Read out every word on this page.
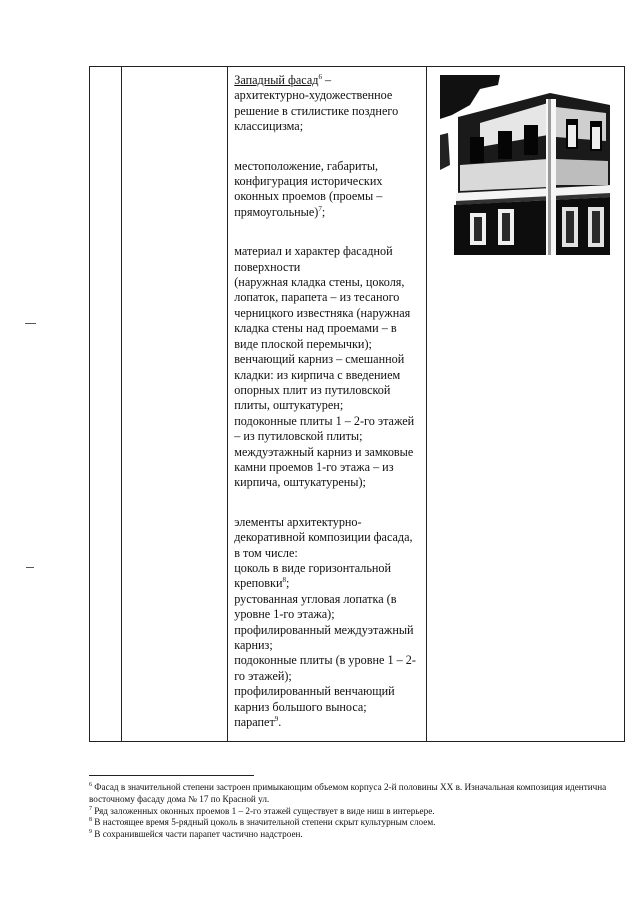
Западный фасад$^6$ –

архитектурно-художественное решение в стилистике позднего классицизма;

местоположение, габариты, конфигурация исторических оконных проемов (проемы – прямоугольные)$^7$;

материал и характер фасадной поверхности

(наружная кладка стены, цоколя, лопаток, парапета – из тесаного черницкого известняка (наружная кладка стены над проемами – в виде плоской перемычки);

венчающий карниз – смешанной кладки: из кирпича с введением опорных плит из путиловской плиты, оштукатурен;

подоконные плиты 1 – 2-го этажей – из путиловской плиты;

междуэтажный карниз и замковые камни проемов 1-го этажа – из кирпича, оштукатурены);

элементы архитектурно-декоративной композиции фасада, в том числе:

цоколь в виде горизонтальной креповки$^8$;

рустованная угловая лопатка (в уровне 1-го этажа);

профилированный междуэтажный карниз;

подоконные плиты (в уровне 1 – 2-го этажей);

профилированный венчающий карниз большого выноса;

парапет$^9$.

$^6$ Фасад в значительной степени застроен примыкающим объемом корпуса 2-й половины XX в. Изначальная композиция идентична восточному фасаду дома № 17 по Красной ул.

$^7$ Ряд заложенных оконных проемов 1 – 2-го этажей существует в виде ниш в интерьере.

$^8$ В настоящее время 5-рядный цоколь в значительной степени скрыт культурным слоем.

$^9$ В сохранившейся части парапет частично надстроен.
